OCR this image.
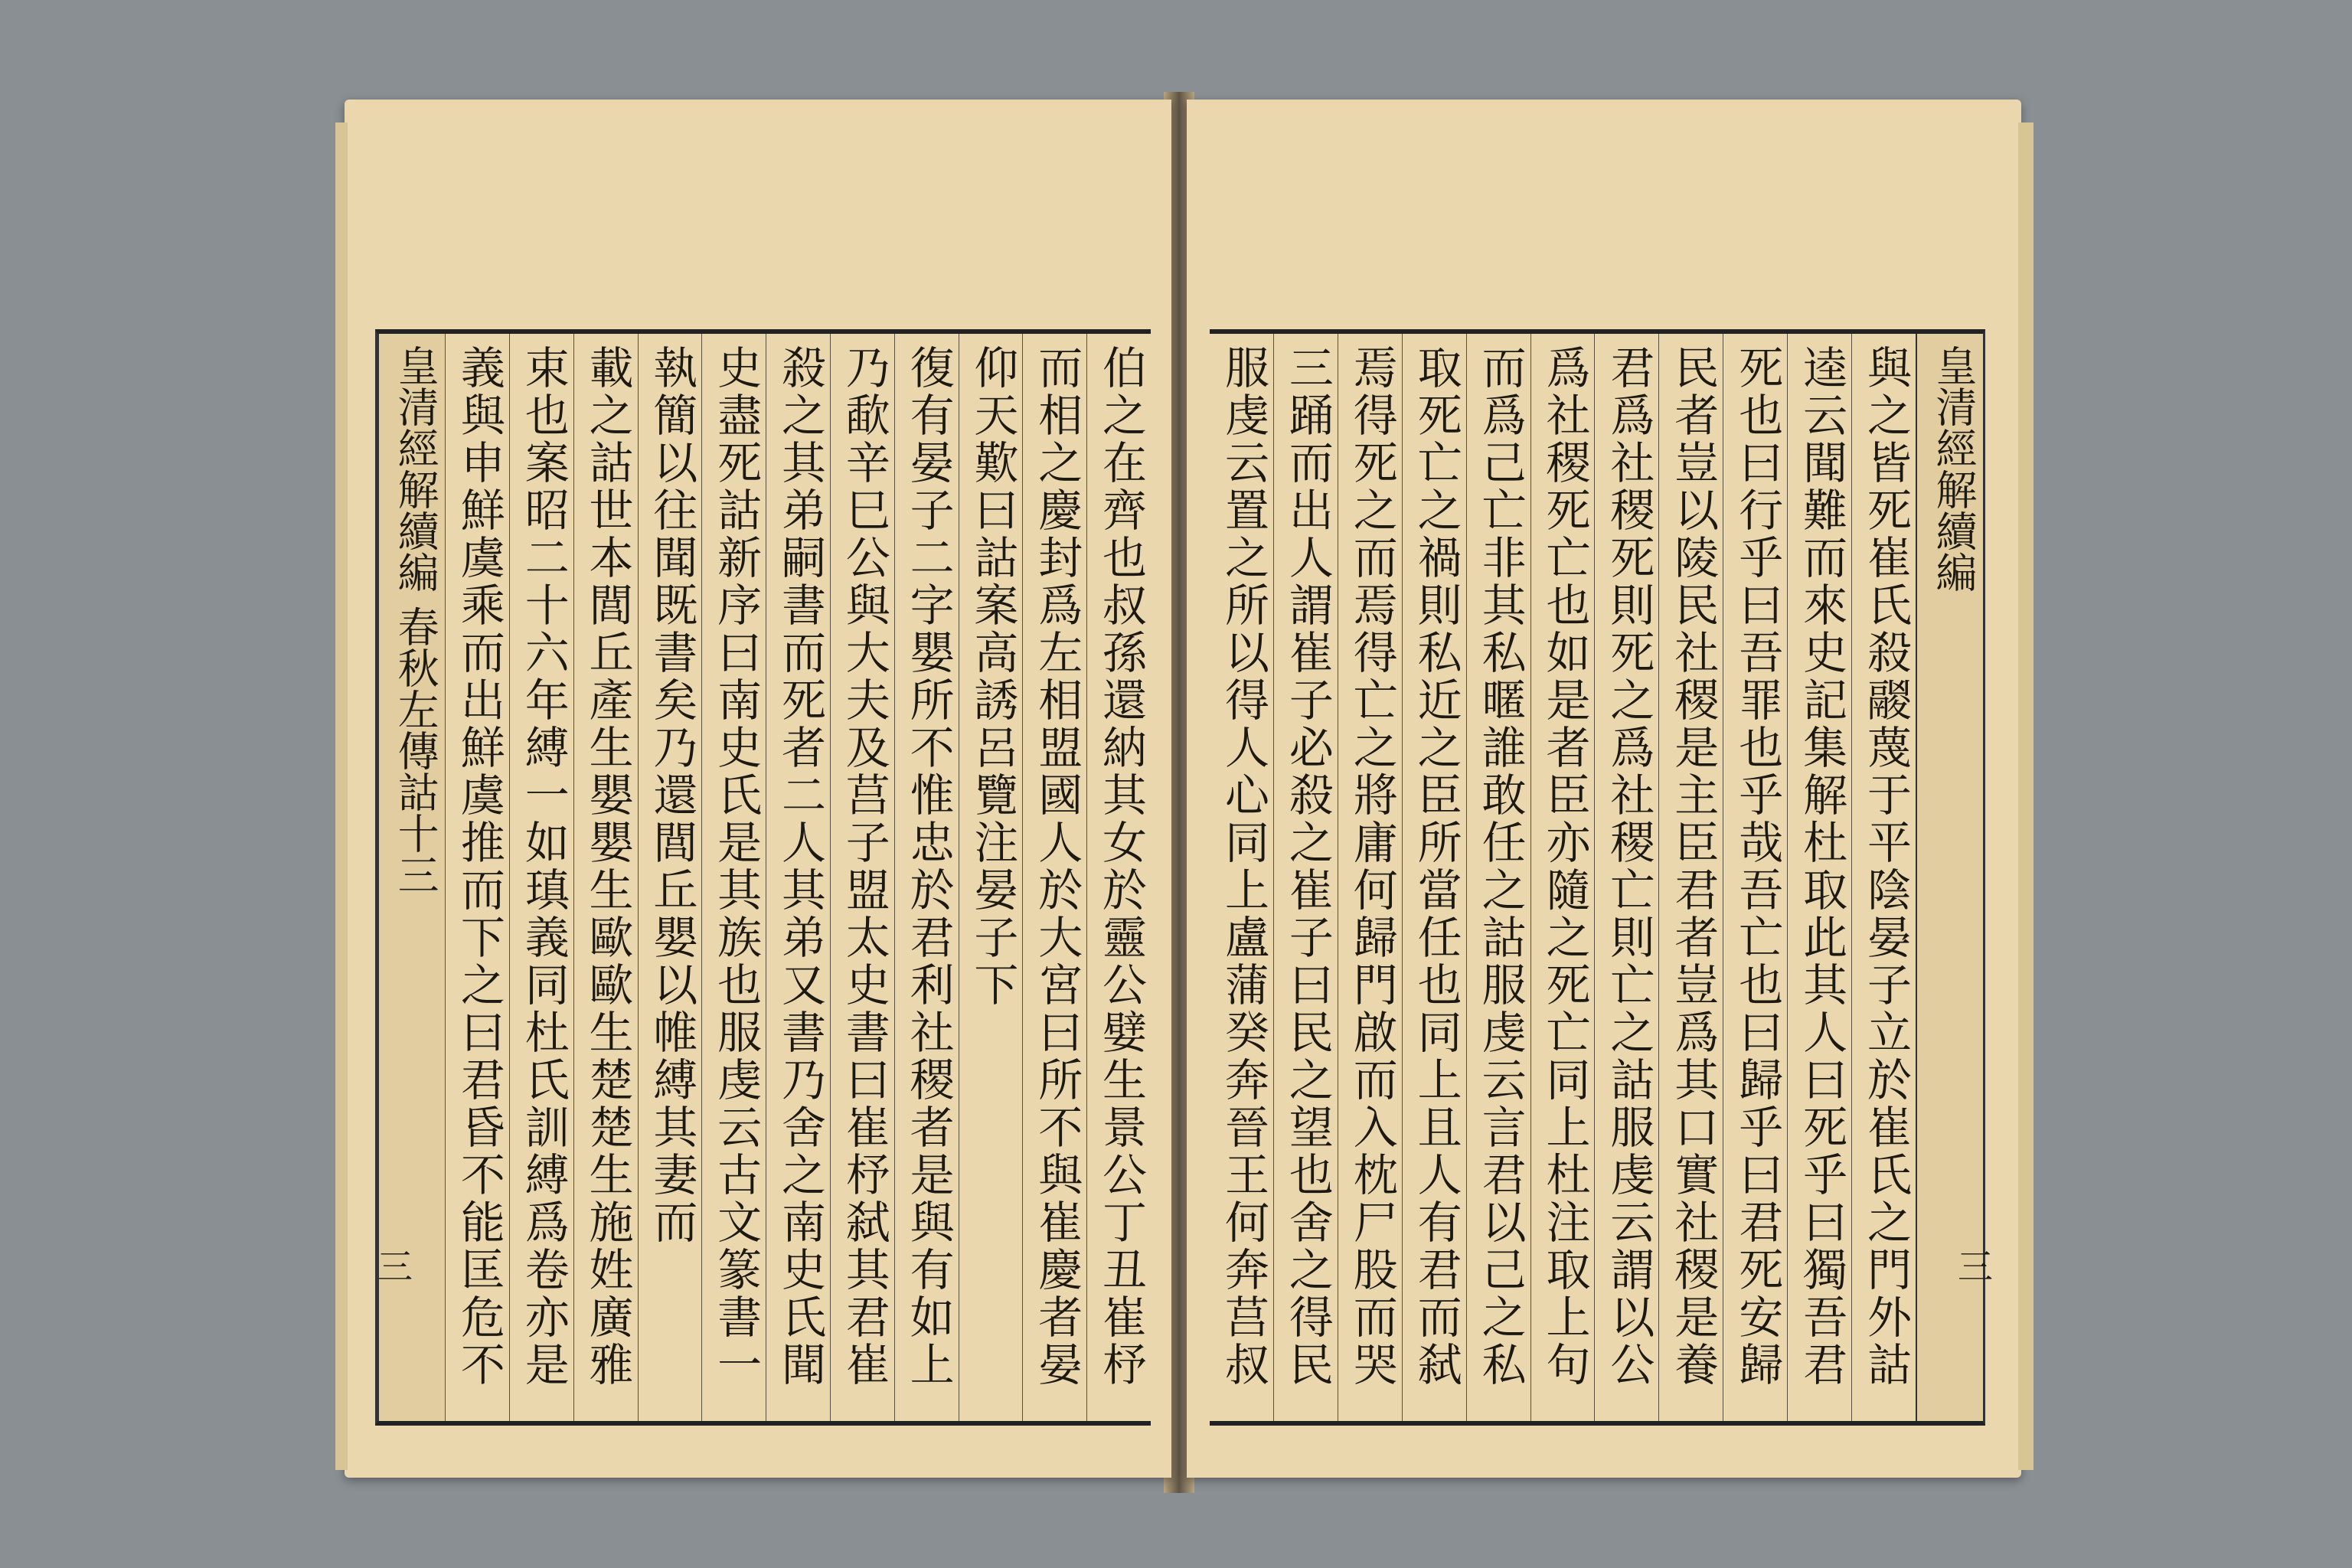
伯之在齊也叔孫還納其女於靈公嬖生景公丁丑崔杼
而相之慶封爲左相盟國人於大宮曰所不與崔慶者晏
仰天歎曰詁案高誘呂覽注晏子下
復有晏子二字嬰所不惟忠於君利社稷者是與有如上
乃歃辛巳公與大夫及莒子盟太史書曰崔杼弑其君崔
殺之其弟嗣書而死者二人其弟又書乃舍之南史氏聞
史盡死詁新序曰南史氏是其族也服虔云古文篆書一
執簡以往聞既書矣乃還閭丘嬰以帷縛其妻而
載之詁世本閭丘產生嬰嬰生歐歐生楚楚生施姓廣雅
束也案昭二十六年縛一如瑱義同杜氏訓縛爲卷亦是
義與申鮮虞乘而出鮮虞推而下之曰君昏不能匡危不
皇清經解續編 春秋左傳詁十三
三
皇清經解續編
與之皆死崔氏殺鬷蔑于平陰晏子立於崔氏之門外詁
逵云聞難而來史記集解杜取此其人曰死乎曰獨吾君
死也曰行乎曰吾罪也乎哉吾亡也曰歸乎曰君死安歸
民者豈以陵民社稷是主臣君者豈爲其口實社稷是養
君爲社稷死則死之爲社稷亡則亡之詁服虔云謂以公
爲社稷死亡也如是者臣亦隨之死亡同上杜注取上句
而爲己亡非其私暱誰敢任之詁服虔云言君以己之私
取死亡之禍則私近之臣所當任也同上且人有君而弑
焉得死之而焉得亡之將庸何歸門啟而入枕尸股而哭
三踊而出人謂崔子必殺之崔子曰民之望也舍之得民
服虔云置之所以得人心同上盧蒲癸奔晉王何奔莒叔
三
